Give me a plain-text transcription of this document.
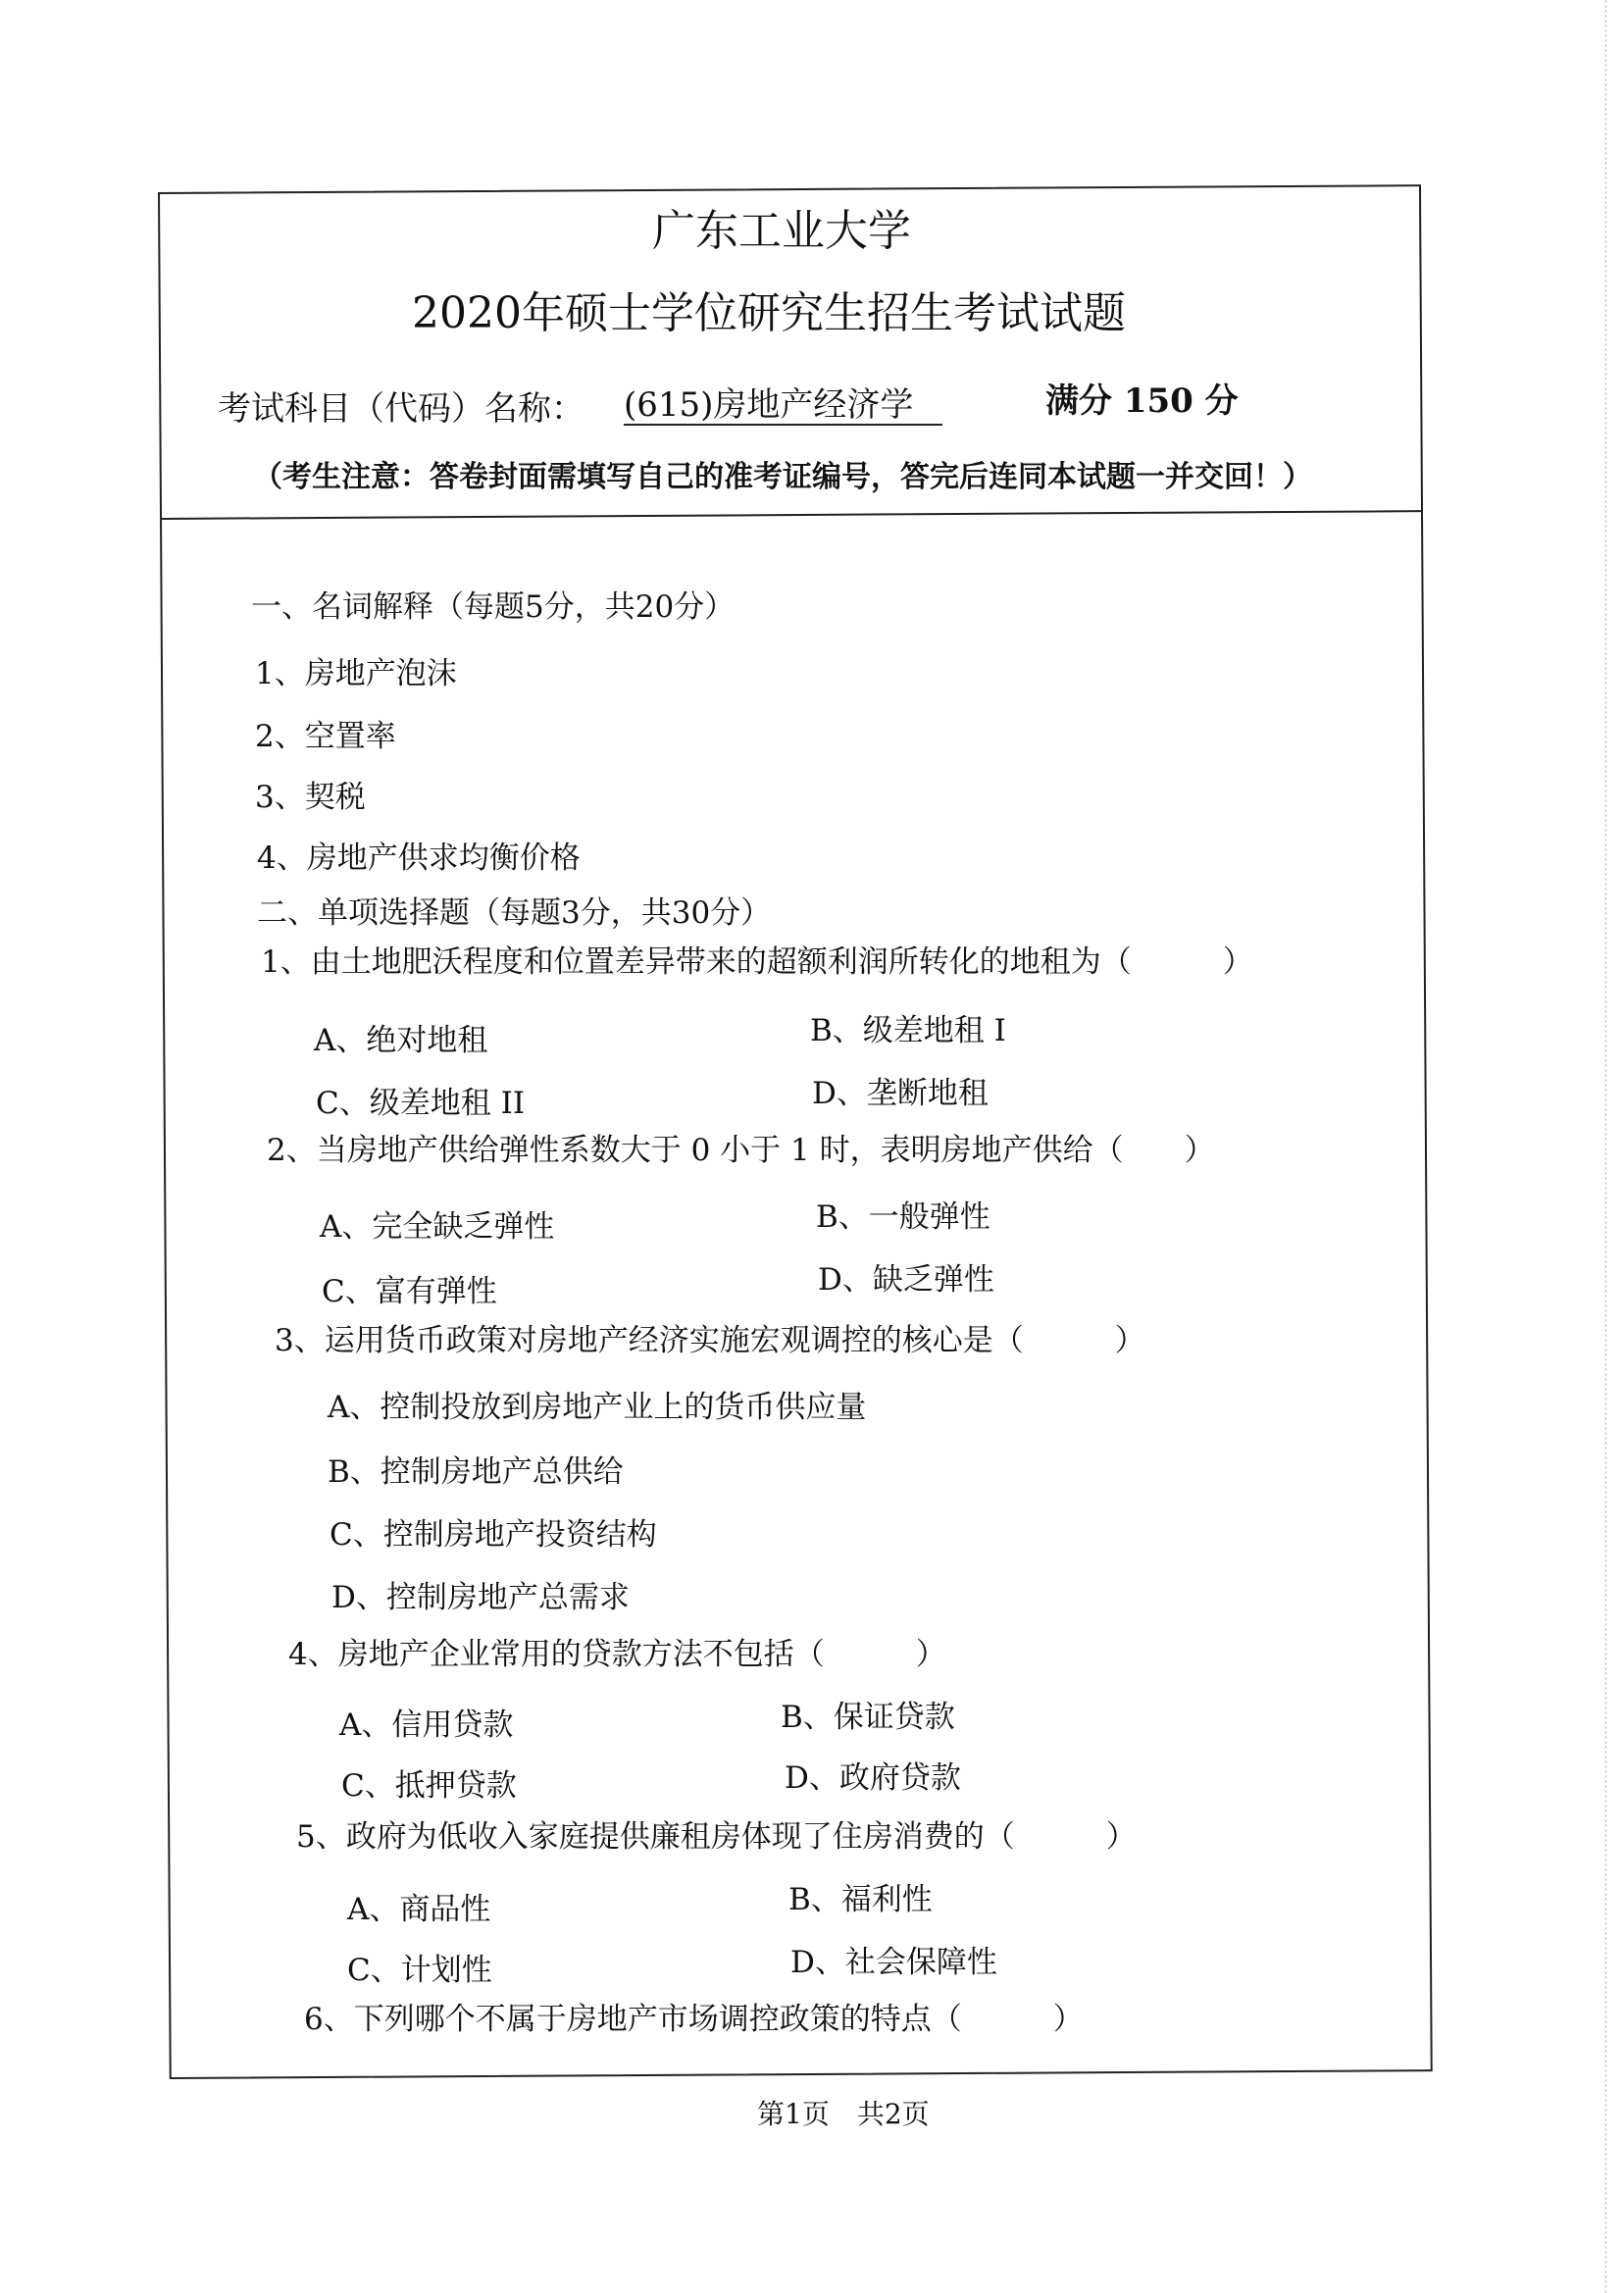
广东工业大学
2020年硕士学位研究生招生考试试题
考试科目（代码）名称： (615)房地产经济学	满分 150 分
（考生注意：答卷封面需填写自己的准考证编号，答完后连同本试题一并交回！）
一、名词解释（每题5分，共20分）
1、房地产泡沫
2、空置率
3、契税
4、房地产供求均衡价格
二、单项选择题（每题3分，共30分）
1、由土地肥沃程度和位置差异带来的超额利润所转化的地租为（　　　）
A、绝对地租	B、级差地租 I
C、级差地租 II	D、垄断地租
2、当房地产供给弹性系数大于 0 小于 1 时，表明房地产供给（　　）
A、完全缺乏弹性	B、一般弹性
C、富有弹性	D、缺乏弹性
3、运用货币政策对房地产经济实施宏观调控的核心是（　　　）
A、控制投放到房地产业上的货币供应量
B、控制房地产总供给
C、控制房地产投资结构
D、控制房地产总需求
4、房地产企业常用的贷款方法不包括（　　　）
A、信用贷款	B、保证贷款
C、抵押贷款	D、政府贷款
5、政府为低收入家庭提供廉租房体现了住房消费的（　　　）
A、商品性	B、福利性
C、计划性	D、社会保障性
6、下列哪个不属于房地产市场调控政策的特点（　　　）
第1页　共2页
